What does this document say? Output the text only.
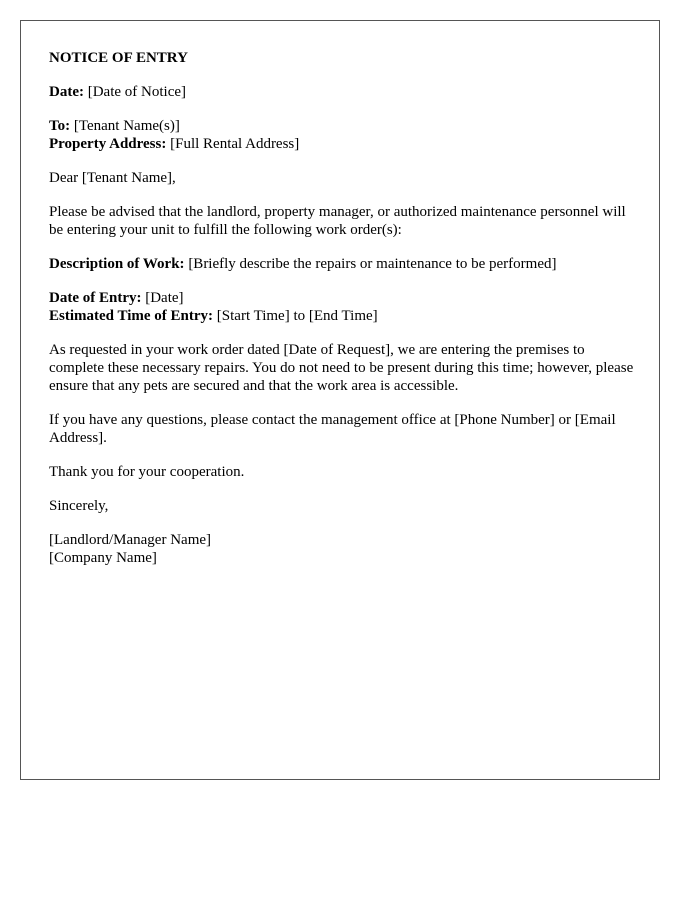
NOTICE OF ENTRY

Date: [Date of Notice]

To: [Tenant Name(s)]
Property Address: [Full Rental Address]

Dear [Tenant Name],

Please be advised that the landlord, property manager, or authorized maintenance personnel will be entering your unit to fulfill the following work order(s):

Description of Work: [Briefly describe the repairs or maintenance to be performed]

Date of Entry: [Date]
Estimated Time of Entry: [Start Time] to [End Time]

As requested in your work order dated [Date of Request], we are entering the premises to complete these necessary repairs. You do not need to be present during this time; however, please ensure that any pets are secured and that the work area is accessible.

If you have any questions, please contact the management office at [Phone Number] or [Email Address].

Thank you for your cooperation.

Sincerely,

[Landlord/Manager Name]
[Company Name]
